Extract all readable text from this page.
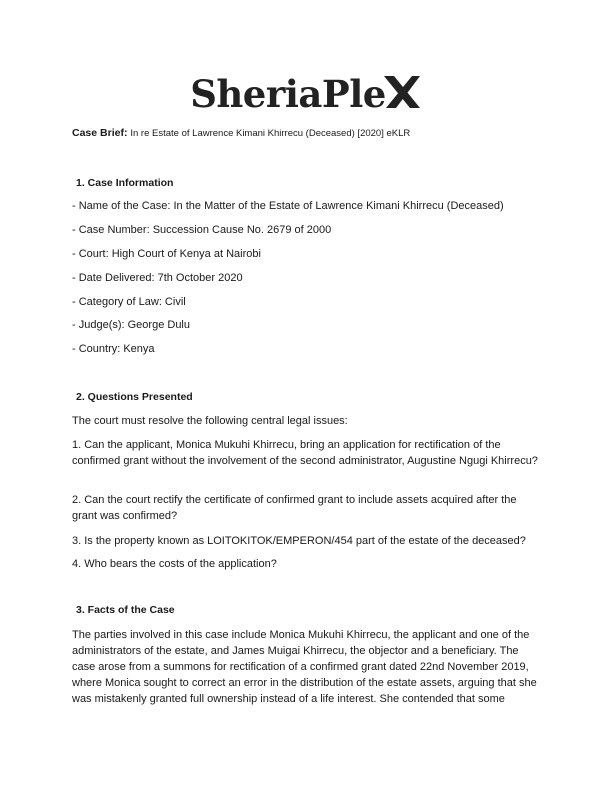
SheriaPle
Case Brief: In re Estate of Lawrence Kimani Khirrecu (Deceased) [2020] eKLR
1. Case Information
- Name of the Case: In the Matter of the Estate of Lawrence Kimani Khirrecu (Deceased)
- Case Number: Succession Cause No. 2679 of 2000
- Court: High Court of Kenya at Nairobi
- Date Delivered: 7th October 2020
- Category of Law: Civil
- Judge(s): George Dulu
- Country: Kenya
2. Questions Presented
The court must resolve the following central legal issues:
1. Can the applicant, Monica Mukuhi Khirrecu, bring an application for rectification of the confirmed grant without the involvement of the second administrator, Augustine Ngugi Khirrecu?
2. Can the court rectify the certificate of confirmed grant to include assets acquired after the grant was confirmed?
3. Is the property known as LOITOKITOK/EMPERON/454 part of the estate of the deceased?
4. Who bears the costs of the application?
3. Facts of the Case
The parties involved in this case include Monica Mukuhi Khirrecu, the applicant and one of the administrators of the estate, and James Muigai Khirrecu, the objector and a beneficiary. The case arose from a summons for rectification of a confirmed grant dated 22nd November 2019, where Monica sought to correct an error in the distribution of the estate assets, arguing that she was mistakenly granted full ownership instead of a life interest. She contended that some
